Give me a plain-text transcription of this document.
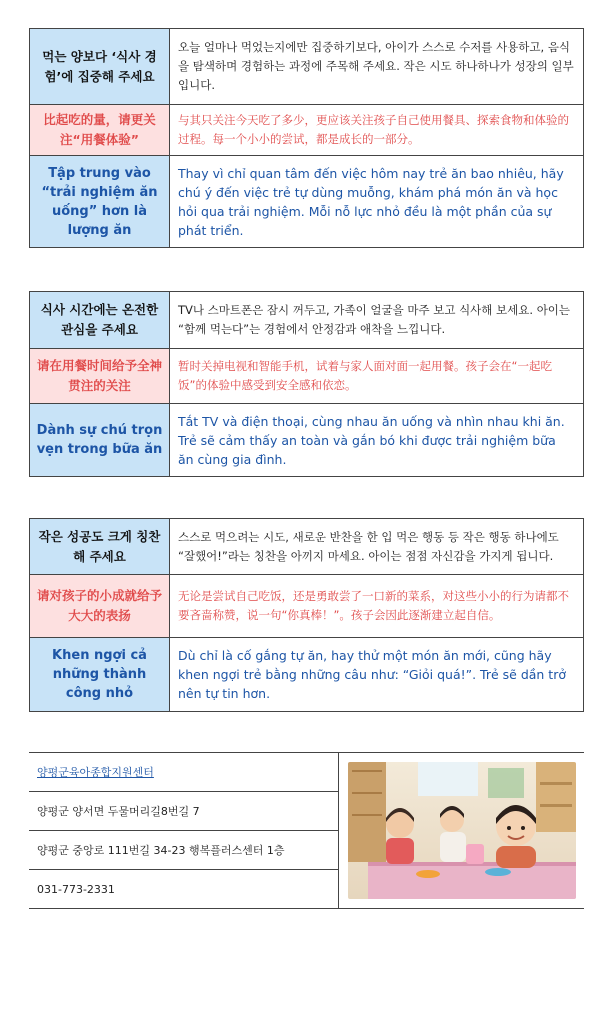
먹는 양보다 ‘식사 경험’에 집중해 주세요
오늘 얼마나 먹었는지에만 집중하기보다, 아이가 스스로 수저를 사용하고, 음식을 탐색하며 경험하는 과정에 주목해 주세요. 작은 시도 하나하나가 성장의 일부입니다.
比起吃的量，请更关注“用餐体验”
与其只关注今天吃了多少，更应该关注孩子自己使用餐具、探索食物和体验的过程。每一个小小的尝试，都是成长的一部分。
Tập trung vào “trải nghiệm ăn uống” hơn là lượng ăn
Thay vì chỉ quan tâm đến việc hôm nay trẻ ăn bao nhiêu, hãy chú ý đến việc trẻ tự dùng muỗng, khám phá món ăn và học hỏi qua trải nghiệm. Mỗi nỗ lực nhỏ đều là một phần của sự phát triển.
식사 시간에는 온전한 관심을 주세요
TV나 스마트폰은 잠시 꺼두고, 가족이 얼굴을 마주 보고 식사해 보세요. 아이는 “함께 먹는다”는 경험에서 안정감과 애착을 느낍니다.
请在用餐时间给予全神贯注的关注
暂时关掉电视和智能手机，试着与家人面对面一起用餐。孩子会在“一起吃饭”的体验中感受到安全感和依恋。
Dành sự chú trọn vẹn trong bữa ăn
Tắt TV và điện thoại, cùng nhau ăn uống và nhìn nhau khi ăn. Trẻ sẽ cảm thấy an toàn và gắn bó khi được trải nghiệm bữa ăn cùng gia đình.
작은 성공도 크게 칭찬해 주세요
스스로 먹으려는 시도, 새로운 반찬을 한 입 먹은 행동 등 작은 행동 하나에도 “잘했어!”라는 칭찬을 아끼지 마세요. 아이는 점점 자신감을 가지게 됩니다.
请对孩子的小成就给予大大的表扬
无论是尝试自己吃饭，还是勇敢尝了一口新的菜系，对这些小小的行为请都不要吝啬称赞，说一句“你真棒！”。孩子会因此逐渐建立起自信。
Khen ngợi cả những thành công nhỏ
Dù chỉ là cố gắng tự ăn, hay thử một món ăn mới, cũng hãy khen ngợi trẻ bằng những câu như: “Giỏi quá!”. Trẻ sẽ dần trở nên tự tin hơn.
양평군육아종합지원센터
양평군 양서면 두물머리길8번길 7
양평군 중앙로 111번길 34-23 행복플러스센터 1층
031-773-2331
